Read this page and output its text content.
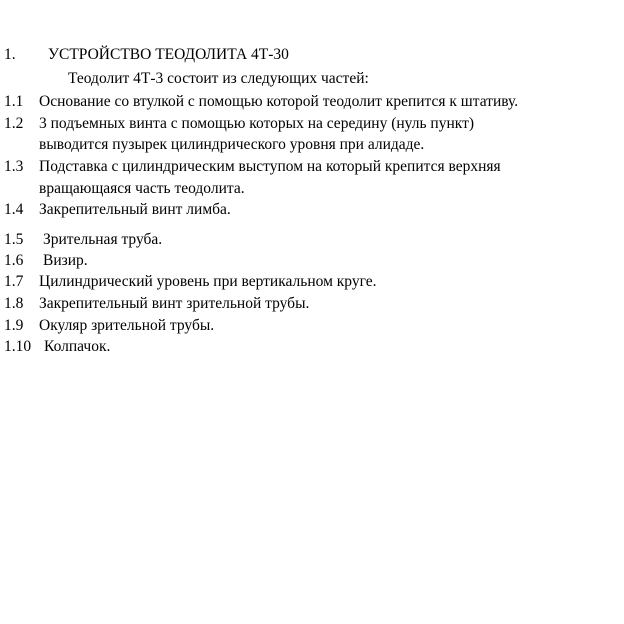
1. УСТРОЙСТВО ТЕОДОЛИТА 4Т-30
Теодолит 4Т-3 состоит из следующих частей:
1.1 Основание со втулкой с помощью которой теодолит крепится к штативу.
1.2 3 подъемных винта с помощью которых на середину (нуль пункт)
выводится пузырек цилиндрического уровня при алидаде.
1.3 Подставка с цилиндрическим выступом на который крепится верхняя
вращающаяся часть теодолита.
1.4 Закрепительный винт лимба.
1.5 Зрительная труба.
1.6 Визир.
1.7 Цилиндрический уровень при вертикальном круге.
1.8 Закрепительный винт зрительной трубы.
1.9 Окуляр зрительной трубы.
1.10 Колпачок.
